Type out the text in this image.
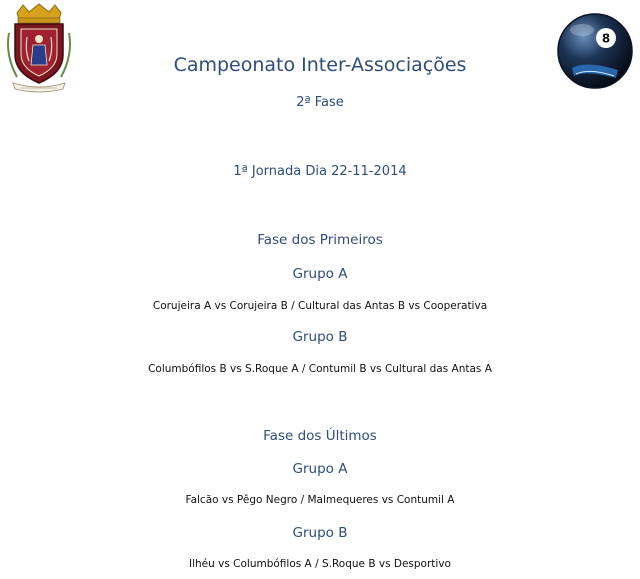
8
Campeonato Inter-Associações
2ª Fase
1ª Jornada Dia 22-11-2014
Fase dos Primeiros
Grupo A
Corujeira A vs Corujeira B / Cultural das Antas B vs Cooperativa
Grupo B
Columbófilos B vs S.Roque A / Contumil B vs Cultural das Antas A
Fase dos Últimos
Grupo A
Falcão vs Pêgo Negro / Malmequeres vs Contumil A
Grupo B
Ilhéu vs Columbófilos A / S.Roque B vs Desportivo
